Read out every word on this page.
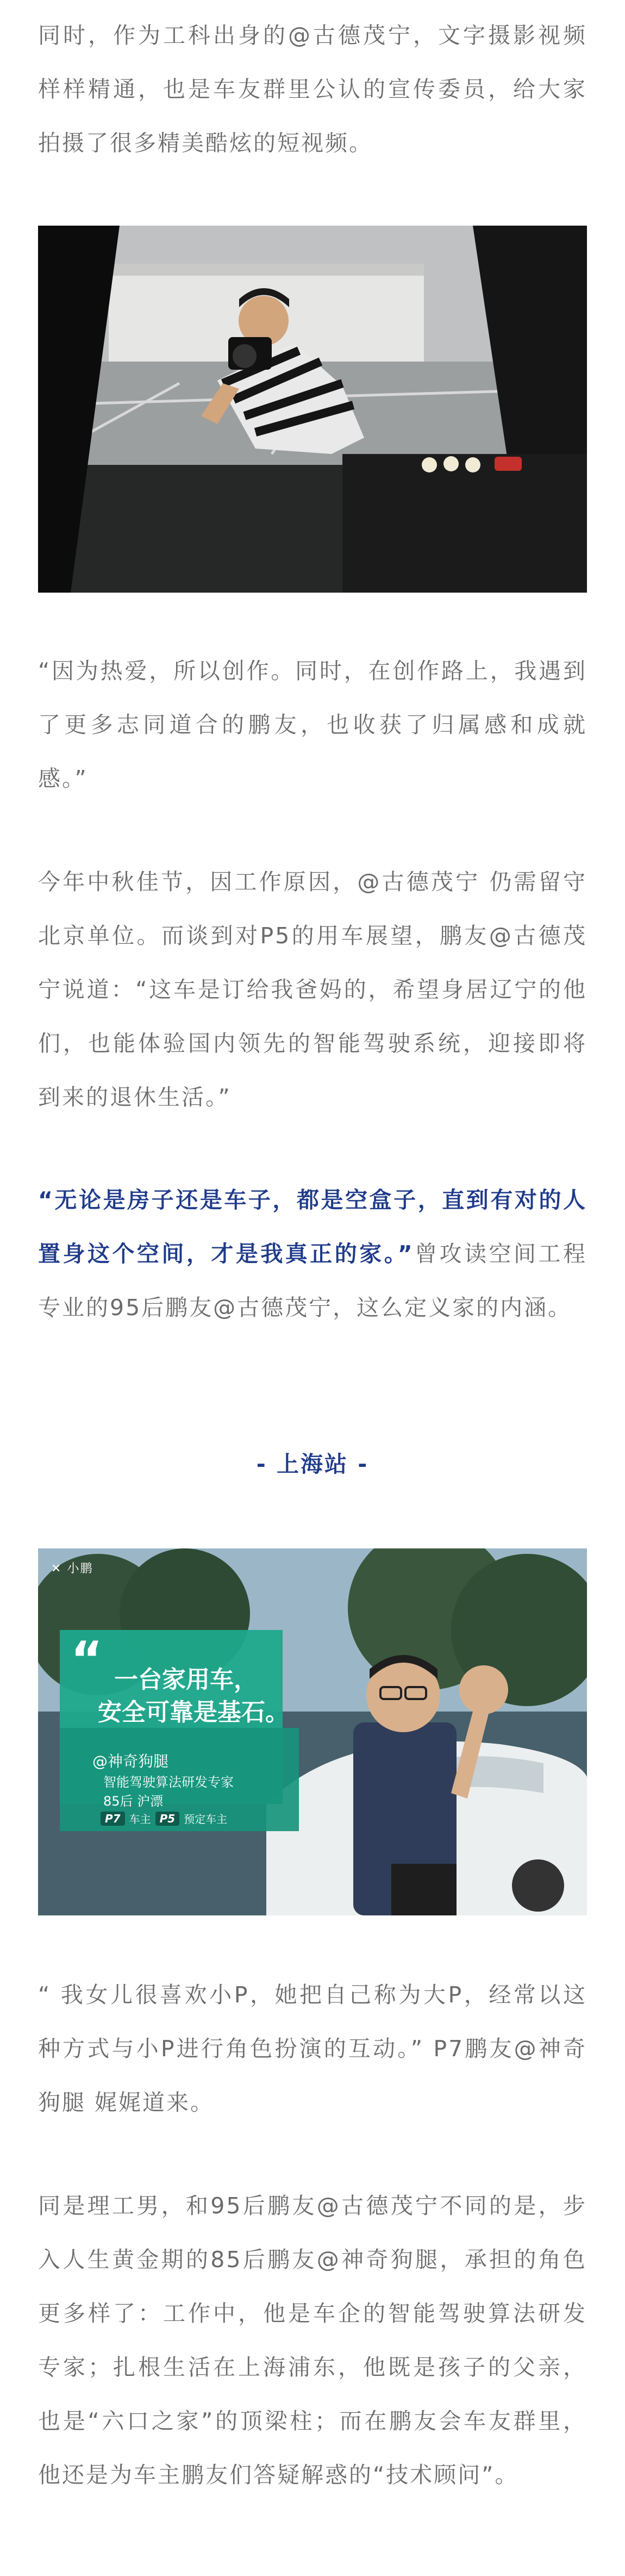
同时，作为工科出身的@古德茂宁，文字摄影视频样样精通，也是车友群里公认的宣传委员，给大家拍摄了很多精美酷炫的短视频。

“因为热爱，所以创作。同时，在创作路上，我遇到了更多志同道合的鹏友，也收获了归属感和成就感。”

今年中秋佳节，因工作原因，@古德茂宁 仍需留守北京单位。而谈到对P5的用车展望，鹏友@古德茂宁说道：“这车是订给我爸妈的，希望身居辽宁的他们，也能体验国内领先的智能驾驶系统，迎接即将到来的退休生活。”

“无论是房子还是车子，都是空盒子，直到有对的人置身这个空间，才是我真正的家。”曾攻读空间工程专业的95后鹏友@古德茂宁，这么定义家的内涵。

- 上海站 -
✕ 小鹏
“ 一台家用车，
安全可靠是基石。
@神奇狗腿
智能驾驶算法研发专家
85后 沪漂
P7 车主 P5 预定车主

“ 我女儿很喜欢小P，她把自己称为大P，经常以这种方式与小P进行角色扮演的互动。” P7鹏友@神奇狗腿 娓娓道来。

同是理工男，和95后鹏友@古德茂宁不同的是，步入人生黄金期的85后鹏友@神奇狗腿，承担的角色更多样了：工作中，他是车企的智能驾驶算法研发专家；扎根生活在上海浦东，他既是孩子的父亲，也是“六口之家”的顶梁柱；而在鹏友会车友群里，他还是为车主鹏友们答疑解惑的“技术顾问”。
